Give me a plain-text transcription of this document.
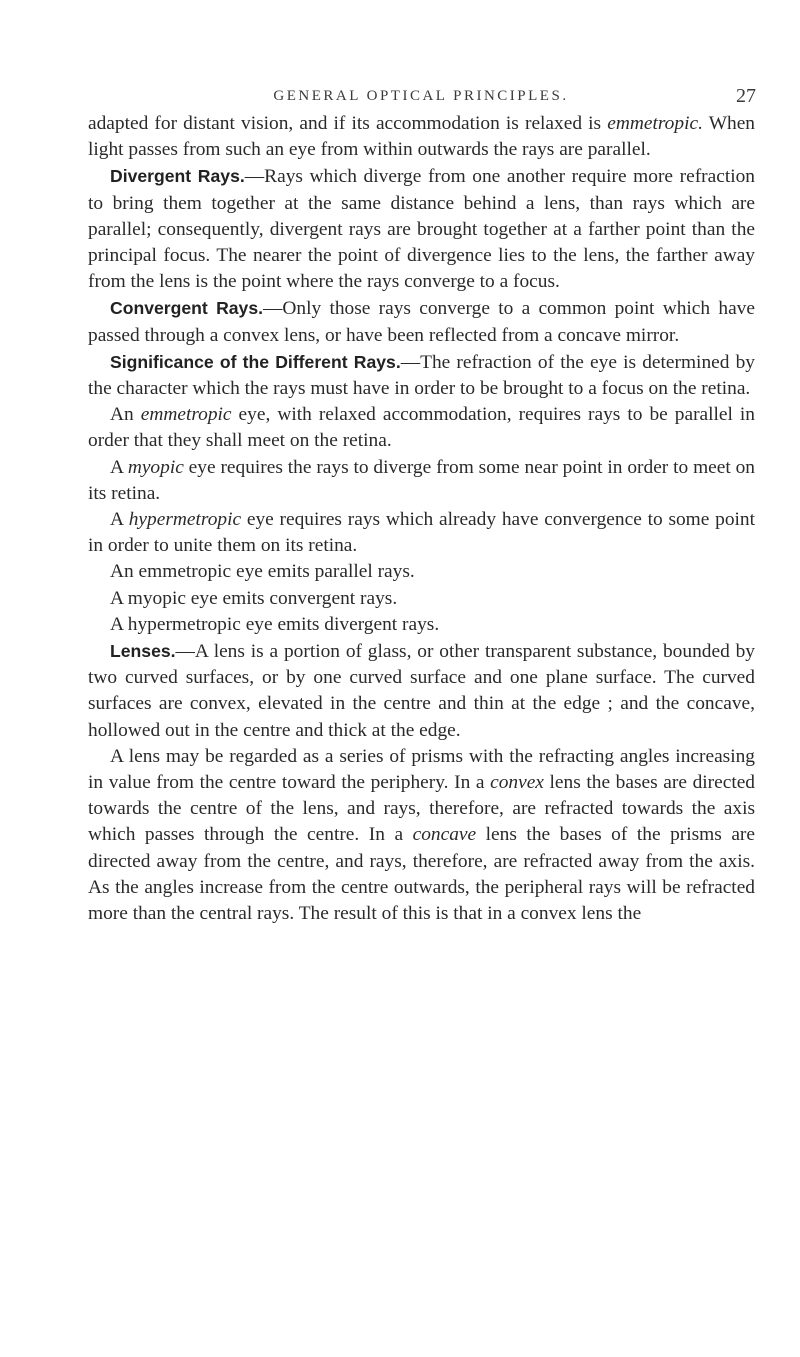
GENERAL OPTICAL PRINCIPLES.	27

adapted for distant vision, and if its accommodation is relaxed is emmetropic. When light passes from such an eye from within outwards the rays are parallel.

Divergent Rays.—Rays which diverge from one another require more refraction to bring them together at the same distance behind a lens, than rays which are parallel; consequently, divergent rays are brought together at a farther point than the principal focus. The nearer the point of divergence lies to the lens, the farther away from the lens is the point where the rays converge to a focus.

Convergent Rays.—Only those rays converge to a common point which have passed through a convex lens, or have been reflected from a concave mirror.

Significance of the Different Rays.—The refraction of the eye is determined by the character which the rays must have in order to be brought to a focus on the retina.

An emmetropic eye, with relaxed accommodation, requires rays to be parallel in order that they shall meet on the retina.

A myopic eye requires the rays to diverge from some near point in order to meet on its retina.

A hypermetropic eye requires rays which already have convergence to some point in order to unite them on its retina.

An emmetropic eye emits parallel rays.

A myopic eye emits convergent rays.

A hypermetropic eye emits divergent rays.

Lenses.—A lens is a portion of glass, or other transparent substance, bounded by two curved surfaces, or by one curved surface and one plane surface. The curved surfaces are convex, elevated in the centre and thin at the edge ; and the concave, hollowed out in the centre and thick at the edge.

A lens may be regarded as a series of prisms with the refracting angles increasing in value from the centre toward the periphery. In a convex lens the bases are directed towards the centre of the lens, and rays, therefore, are refracted towards the axis which passes through the centre. In a concave lens the bases of the prisms are directed away from the centre, and rays, therefore, are refracted away from the axis. As the angles increase from the centre outwards, the peripheral rays will be refracted more than the central rays. The result of this is that in a convex lens the
